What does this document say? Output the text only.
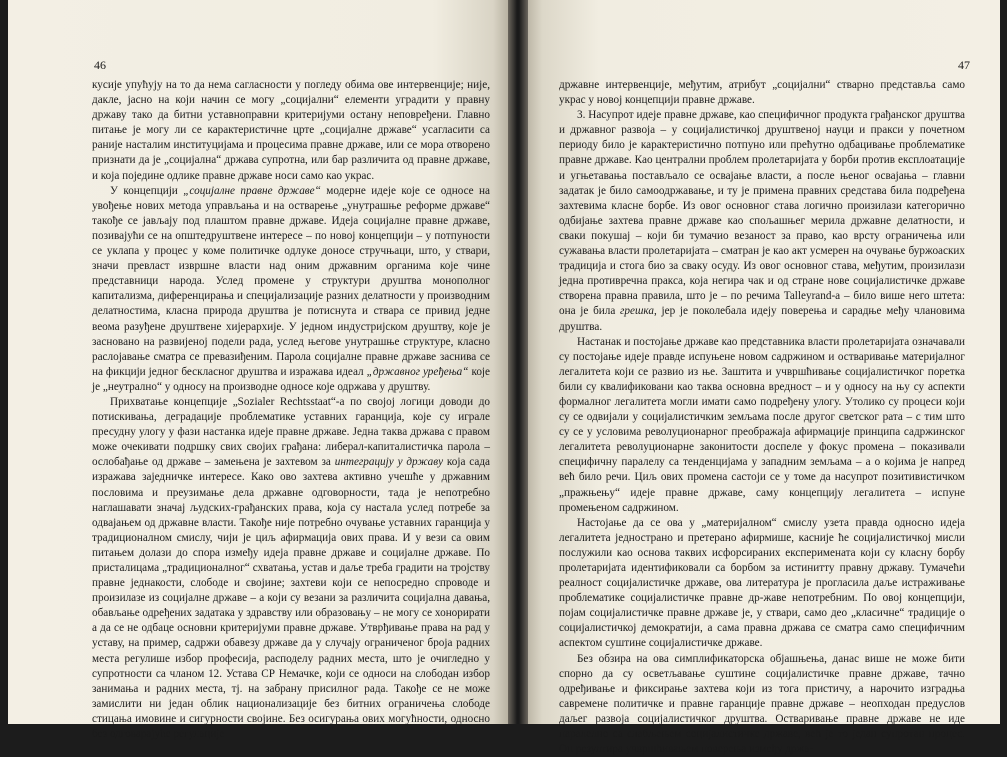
46

кусије упућују на то да нема сагласности у погледу обима ове интервенције; није, дакле, јасно на који начин се могу „социјални“ елементи уградити у правну државу тако да битни уставноправни критеријуми остану неповређени. Главно питање је могу ли се карактеристичне црте „социјалне државе“ усагласити са раније насталим институцијама и процесима правне државе, или се мора отворено признати да је „социјална“ држава супротна, или бар различита од правне државе, и која поједине одлике правне државе носи само као украс.

У концепцији „социјалне правне државе“ модерне идеје које се односе на увођење нових метода управљања и на остварење „унутрашње реформе државе“ такође се јављају под плаштом правне државе. Идеја социјалне правне државе, позивајући се на општедруштвене интересе – по новој концепцији – у потпуности се уклапа у процес у коме политичке одлуке доносе стручњаци, што, у ствари, значи превласт извршне власти над оним државним органима које чине представници народа. Услед промене у структури друштва монополног капитализма, диференцирања и специјализације разних делатности у производним делатностима, класна природа друштва је потиснута и ствара се привид једне веома разуђене друштвене хијерархије. У једном индустријском друштву, које је засновано на развијеној подели рада, услед његове унутрашње структуре, класно раслојавање сматра се превазиђеним. Парола социјалне правне државе заснива се на фикцији једног бескласног друштва и изражава идеал „државног уређења“ које је „неутрално“ у односу на производне односе које одржава у друштву.

Прихватање концепције „Sozialer Rechtsstaat“-а по својој логици доводи до потискивања, деградације проблематике уставних гаранција, које су играле пресудну улогу у фази настанка идеје правне државе. Једна таква држава с правом може очекивати подршку свих својих грађана: либерал-капиталистичка парола – ослобађање од државе – замењена је захтевом за интеграцију у државу која сада изражава заједничке интересе. Како ово захтева активно учешће у државним пословима и преузимање дела државне одговорности, тада је непотребно наглашавати значај људских-грађанских права, која су настала услед потребе за одвајањем од државне власти. Такође није потребно очување уставних гаранција у традиционалном смислу, чији је циљ афирмација ових права. И у вези са овим питањем долази до спора између идеја правне државе и социјалне државе. По присталицама „традиционалног“ схватања, устав и даље треба градити на тројству правне једнакости, слободе и својине; захтеви који се непосредно спроводе и произилазе из социјалне државе – а који су везани за различита социјална давања, обављање одређених задатака у здравству или образовању – не могу се хонорирати а да се не одбаце основни критеријуми правне државе. Утврђивање права на рад у уставу, на пример, садржи обавезу државе да у случају ограниченог броја радних места регулише избор професија, расподелу радних места, што је очигледно у супротности са чланом 12. Устава СР Немачке, који се односи на слободан избор занимања и радних места, тј. на забрану присилног рада. Такође се не може замислити ни један облик национализације без битних ограничења слободе стицања имовине и сигурности својине. Без осигурања ових могућности, односно без одговарајуће регулације

47

државне интервенције, међутим, атрибут „социјални“ стварно представља само украс у новој концепцији правне државе.

3. Насупрот идеје правне државе, као специфичног продукта грађанског друштва и државног развоја – у социјалистичкој друштвеној науци и пракси у почетном периоду било је карактеристично потпуно или прећутно одбацивање проблематике правне државе. Као централни проблем пролетаријата у борби против експлоатације и угњетавања постављало се освајање власти, а после њеног освајања – главни задатак је било самоодржавање, и ту је примена правних средстава била подређена захтевима класне борбе. Из овог основног става логично произилази категорично одбијање захтева правне државе као спољашњег мерила државне делатности, и сваки покушај – који би тумачио везаност за право, као врсту ограничења или сужавања власти пролетаријата – сматран је као акт усмерен на очување буржоаских традиција и стога био за сваку осуду. Из овог основног става, међутим, произилази једна противречна пракса, која негира чак и од стране нове социјалистичке државе створена правна правила, што је – по речима Talleyrand-а – било више него штета: она је била грешка, јер је поколебала идеју поверења и сарадње међу члановима друштва.

Настанак и постојање државе као представника власти пролетаријата означавали су постојање идеје правде испуњене новом садржином и остваривање материјалног легалитета који се развио из ње. Заштита и учвршћивање социјалистичког поретка били су квалификовани као таква основна вредност – и у односу на њу су аспекти формалног легалитета могли имати само подређену улогу. Утолико су процеси који су се одвијали у социјалистичким земљама после другог светског рата – с тим што су се у условима револуционарног преображаја афирмације принципа садржинског легалитета револуционарне законитости доспеле у фокус промена – показивали специфичну паралелу са тенденцијама у западним земљама – а о којима је напред већ било речи. Циљ ових промена састоји се у томе да насупрот позитивистичком „пражњењу“ идеје правне државе, саму концепцију легалитета – испуне промењеном садржином.

Настојање да се ова у „материјалном“ смислу узета правда односно идеја легалитета једнострано и претерано афирмише, касније ће социјалистичкој мисли послужили као основа таквих исфорсираних експеримената који су класну борбу пролетаријата идентификовали са борбом за истинитту правну државу. Тумачећи реалност социјалистичке државе, ова литература је прогласила даље истраживање проблематике социјалистичке правне др-жаве непотребним. По овој концепцији, појам социјалистичке правне државе је, у ствари, само део „класичне“ традиције о социјалистичкој демократији, а сама правна држава се сматра само специфичним аспектом суштине социјалистичке државе.

Без обзира на ова симплификаторска објашњења, данас више не може бити спорно да су осветљавање суштине социјалистичке правне државе, тачно одређивање и фиксирање захтева који из тога пристичу, а нарочито изградња савремене политичке и правне гаранције правне државе – неопходан предуслов даљег развоја социјалистичког друштва. Остваривање правне државе не иде паралелно са слабљењем социјалистичке државе, већ је то један супротан процес. Он резултира учвршћивањем поверења између држа-
